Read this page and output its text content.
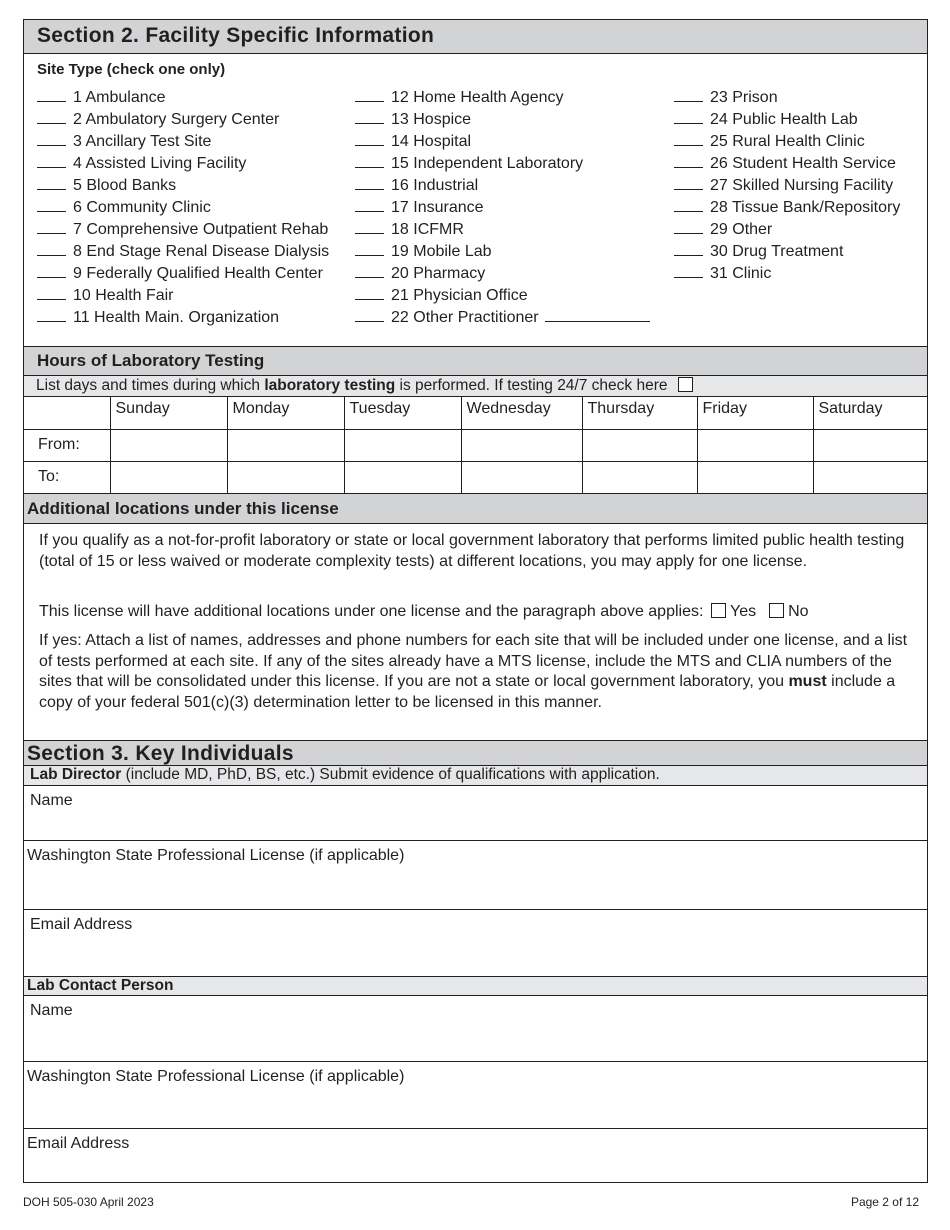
Section 2. Facility Specific Information
Site Type (check one only)
1 Ambulance
2 Ambulatory Surgery Center
3 Ancillary Test Site
4 Assisted Living Facility
5 Blood Banks
6 Community Clinic
7 Comprehensive Outpatient Rehab
8 End Stage Renal Disease Dialysis
9 Federally Qualified Health Center
10 Health Fair
11 Health Main. Organization
12 Home Health Agency
13 Hospice
14 Hospital
15 Independent Laboratory
16 Industrial
17 Insurance
18 ICFMR
19 Mobile Lab
20 Pharmacy
21 Physician Office
22 Other Practitioner
23 Prison
24 Public Health Lab
25 Rural Health Clinic
26 Student Health Service
27 Skilled Nursing Facility
28 Tissue Bank/Repository
29 Other
30 Drug Treatment
31 Clinic
Hours of Laboratory Testing
List days and times during which laboratory testing is performed. If testing 24/7 check here
	Sunday	Monday	Tuesday	Wednesday	Thursday	Friday	Saturday
From:							
To:							
Additional locations under this license
If you qualify as a not-for-profit laboratory or state or local government laboratory that performs limited public health testing (total of 15 or less waived or moderate complexity tests) at different locations, you may apply for one license.
This license will have additional locations under one license and the paragraph above applies: Yes No
If yes: Attach a list of names, addresses and phone numbers for each site that will be included under one license, and a list of tests performed at each site. If any of the sites already have a MTS license, include the MTS and CLIA numbers of the sites that will be consolidated under this license. If you are not a state or local government laboratory, you must include a copy of your federal 501(c)(3) determination letter to be licensed in this manner.
Section 3. Key Individuals
Lab Director (include MD, PhD, BS, etc.) Submit evidence of qualifications with application.
Name
Washington State Professional License (if applicable)
Email Address
Lab Contact Person
Name
Washington State Professional License (if applicable)
Email Address
DOH 505-030 April 2023	Page 2 of 12
